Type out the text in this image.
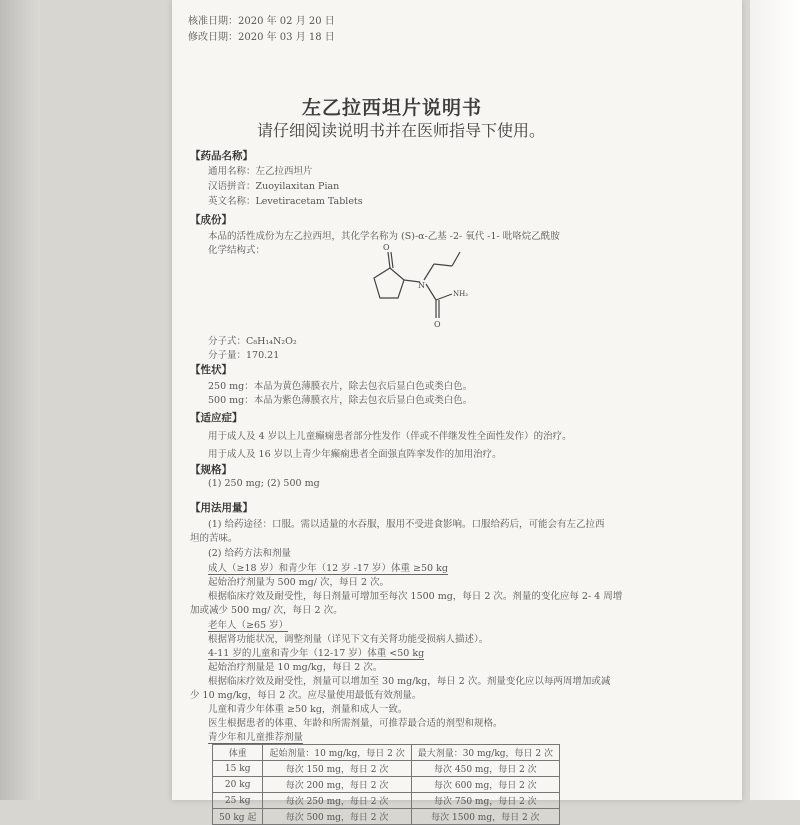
核准日期：2020 年 02 月 20 日
修改日期：2020 年 03 月 18 日
左乙拉西坦片说明书
请仔细阅读说明书并在医师指导下使用。
【药品名称】
通用名称：左乙拉西坦片
汉语拼音：Zuoyilaxitan Pian
英文名称：Levetiracetam Tablets
【成份】
本品的活性成份为左乙拉西坦，其化学名称为 (S)-α-乙基 -2- 氧代 -1- 吡咯烷乙酰胺
化学结构式：	O
N
NH₂
O
分子式：C₈H₁₄N₂O₂
分子量：170.21
【性状】
250 mg：本品为黄色薄膜衣片，除去包衣后显白色或类白色。
500 mg：本品为紫色薄膜衣片，除去包衣后显白色或类白色。
【适应症】
用于成人及 4 岁以上儿童癫痫患者部分性发作（伴或不伴继发性全面性发作）的治疗。
用于成人及 16 岁以上青少年癫痫患者全面强直阵挛发作的加用治疗。
【规格】
(1) 250 mg; (2) 500 mg
【用法用量】
(1) 给药途径：口服。需以适量的水吞服，服用不受进食影响。口服给药后，可能会有左乙拉西
坦的苦味。
(2) 给药方法和剂量
成人（≥18 岁）和青少年（12 岁 -17 岁）体重 ≥50 kg
起始治疗剂量为 500 mg/ 次，每日 2 次。
根据临床疗效及耐受性，每日剂量可增加至每次 1500 mg，每日 2 次。剂量的变化应每 2- 4 周增
加或减少 500 mg/ 次，每日 2 次。
老年人（≥65 岁）
根据肾功能状况，调整剂量（详见下文有关肾功能受损病人描述）。
4-11 岁的儿童和青少年（12-17 岁）体重 <50 kg
起始治疗剂量是 10 mg/kg，每日 2 次。
根据临床疗效及耐受性，剂量可以增加至 30 mg/kg，每日 2 次。剂量变化应以每两周增加或减
少 10 mg/kg，每日 2 次。应尽量使用最低有效剂量。
儿童和青少年体重 ≥50 kg，剂量和成人一致。
医生根据患者的体重、年龄和所需剂量，可推荐最合适的剂型和规格。
青少年和儿童推荐剂量
体重	起始剂量：10 mg/kg，每日 2 次	最大剂量：30 mg/kg，每日 2 次
15 kg	每次 150 mg，每日 2 次	每次 450 mg，每日 2 次
20 kg	每次 200 mg，每日 2 次	每次 600 mg，每日 2 次
25 kg	每次 250 mg，每日 2 次	每次 750 mg，每日 2 次
50 kg 起	每次 500 mg，每日 2 次	每次 1500 mg，每日 2 次
